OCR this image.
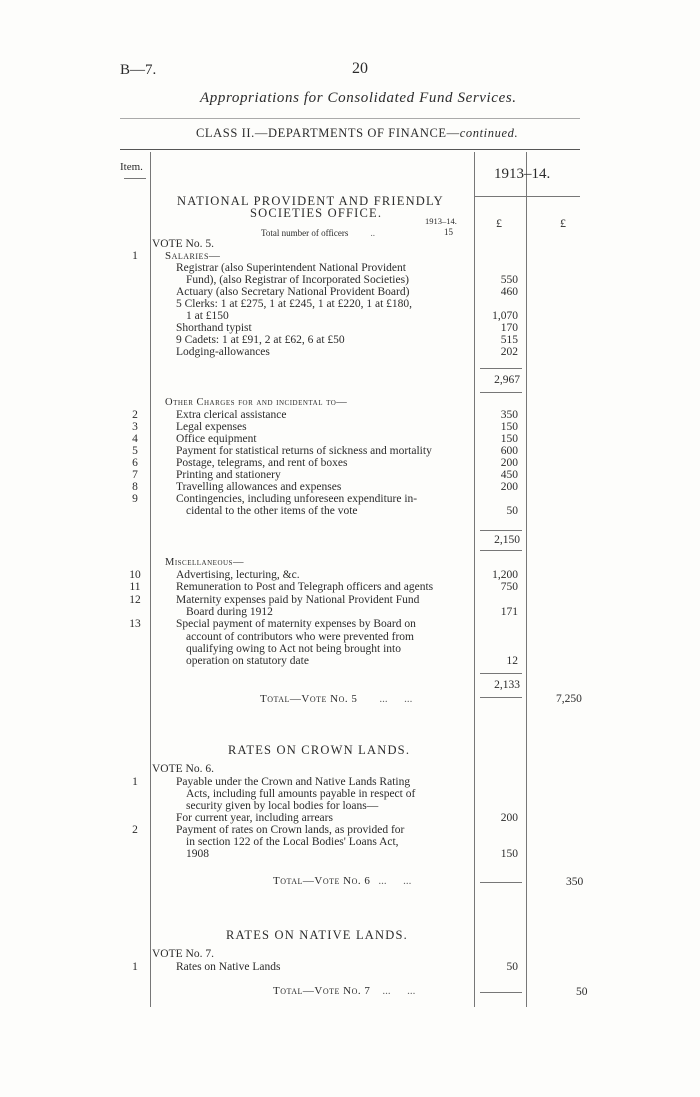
B—7.	20
Appropriations for Consolidated Fund Services.
CLASS II.—DEPARTMENTS OF FINANCE—continued.
Item.	1913–14.
NATIONAL PROVIDENT AND FRIENDLY
SOCIETIES OFFICE.
1913–14.
Total number of officers ..	15
£	£
VOTE No. 5.
1	Salaries—
Registrar (also Superintendent National Provident
Fund), (also Registrar of Incorporated Societies)	550
Actuary (also Secretary National Provident Board)	460
5 Clerks: 1 at £275, 1 at £245, 1 at £220, 1 at £180,
1 at £150	1,070
Shorthand typist	170
9 Cadets: 1 at £91, 2 at £62, 6 at £50	515
Lodging-allowances	202
2,967
Other Charges for and incidental to—
2	Extra clerical assistance	350
3	Legal expenses	150
4	Office equipment	150
5	Payment for statistical returns of sickness and mortality	600
6	Postage, telegrams, and rent of boxes	200
7	Printing and stationery	450
8	Travelling allowances and expenses	200
9	Contingencies, including unforeseen expenditure in-
cidental to the other items of the vote	50
2,150
Miscellaneous—
10	Advertising, lecturing, &c.	1,200
11	Remuneration to Post and Telegraph officers and agents	750
12	Maternity expenses paid by National Provident Fund
Board during 1912	171
13	Special payment of maternity expenses by Board on
account of contributors who were prevented from
qualifying owing to Act not being brought into
operation on statutory date	12
2,133
Total—Vote No. 5 ...      ...	7,250
RATES ON CROWN LANDS.
VOTE No. 6.
1	Payable under the Crown and Native Lands Rating
Acts, including full amounts payable in respect of
security given by local bodies for loans—
For current year, including arrears	200
2	Payment of rates on Crown lands, as provided for
in section 122 of the Local Bodies' Loans Act,
1908	150
Total—Vote No. 6 ...      ...	350
RATES ON NATIVE LANDS.
VOTE No. 7.
1	Rates on Native Lands	50
Total—Vote No. 7 ...      ...	50
